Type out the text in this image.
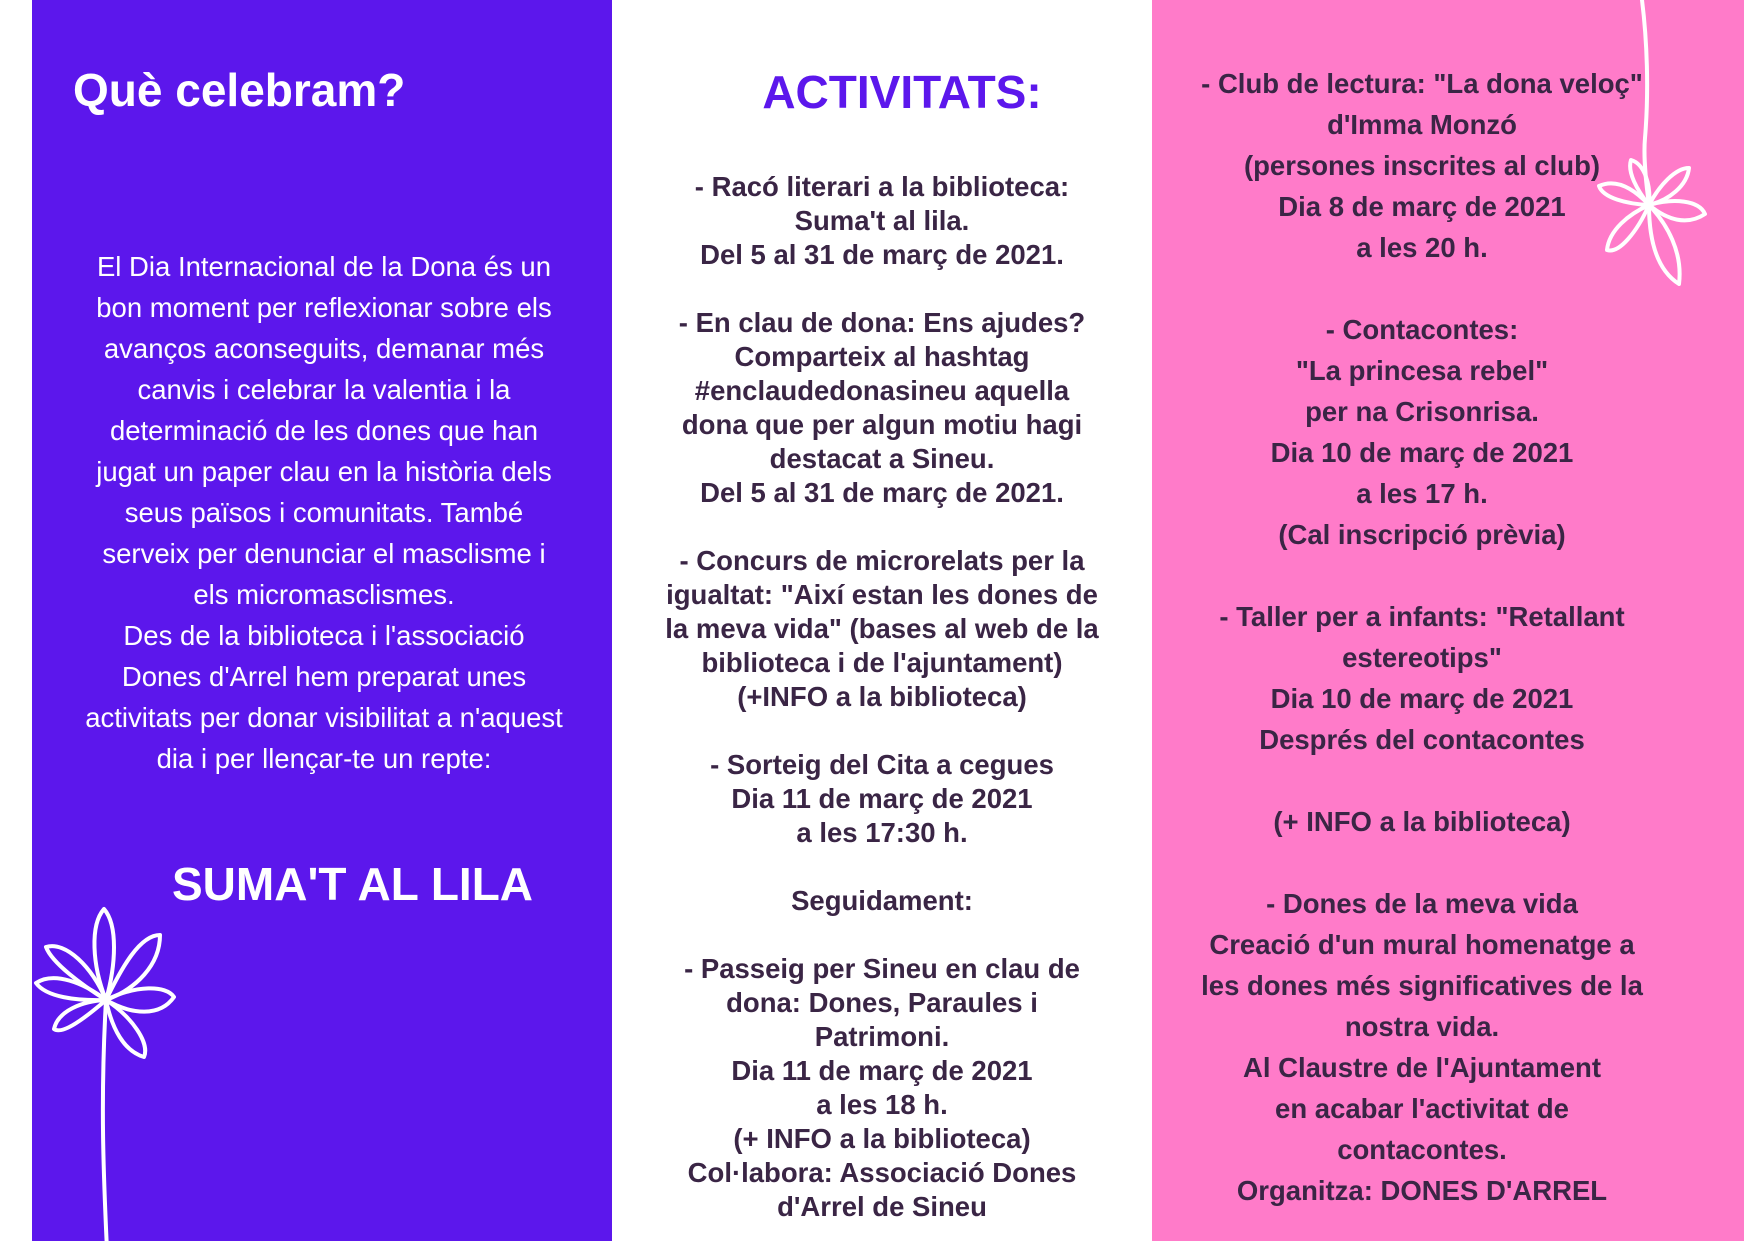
Què celebram?

El Dia Internacional de la Dona és un

bon moment per reflexionar sobre els

avanços aconseguits, demanar més

canvis i celebrar la valentia i la

determinació de les dones que han

jugat un paper clau en la història dels

seus països i comunitats. També

serveix per denunciar el masclisme i

els micromasclismes.

Des de la biblioteca i l'associació

Dones d'Arrel hem preparat unes

activitats per donar visibilitat a n'aquest

dia i per llençar-te un repte:

SUMA'T AL LILA
ACTIVITATS:

- Racó literari a la biblioteca:

Suma't al lila.

Del 5 al 31 de març de 2021.

- En clau de dona: Ens ajudes?

Comparteix al hashtag

#enclaudedonasineu aquella

dona que per algun motiu hagi

destacat a Sineu.

Del 5 al 31 de març de 2021.

- Concurs de microrelats per la

igualtat: "Així estan les dones de

la meva vida" (bases al web de la

biblioteca i de l'ajuntament)

(+INFO a la biblioteca)

- Sorteig del Cita a cegues

Dia 11 de març de 2021

a les 17:30 h.

Seguidament:

- Passeig per Sineu en clau de

dona: Dones, Paraules i

Patrimoni.

Dia 11 de març de 2021

a les 18 h.

(+ INFO a la biblioteca)

Col·labora: Associació Dones

d'Arrel de Sineu

- Club de lectura: "La dona veloç"

d'Imma Monzó

(persones inscrites al club)

Dia 8 de març de 2021

a les 20 h.

- Contacontes:

"La princesa rebel"

per na Crisonrisa.

Dia 10 de març de 2021

a les 17 h.

(Cal inscripció prèvia)

- Taller per a infants: "Retallant

estereotips"

Dia 10 de març de 2021

Després del contacontes

(+ INFO a la biblioteca)

- Dones de la meva vida

Creació d'un mural homenatge a

les dones més significatives de la

nostra vida.

Al Claustre de l'Ajuntament

en acabar l'activitat de

contacontes.

Organitza: DONES D'ARREL
